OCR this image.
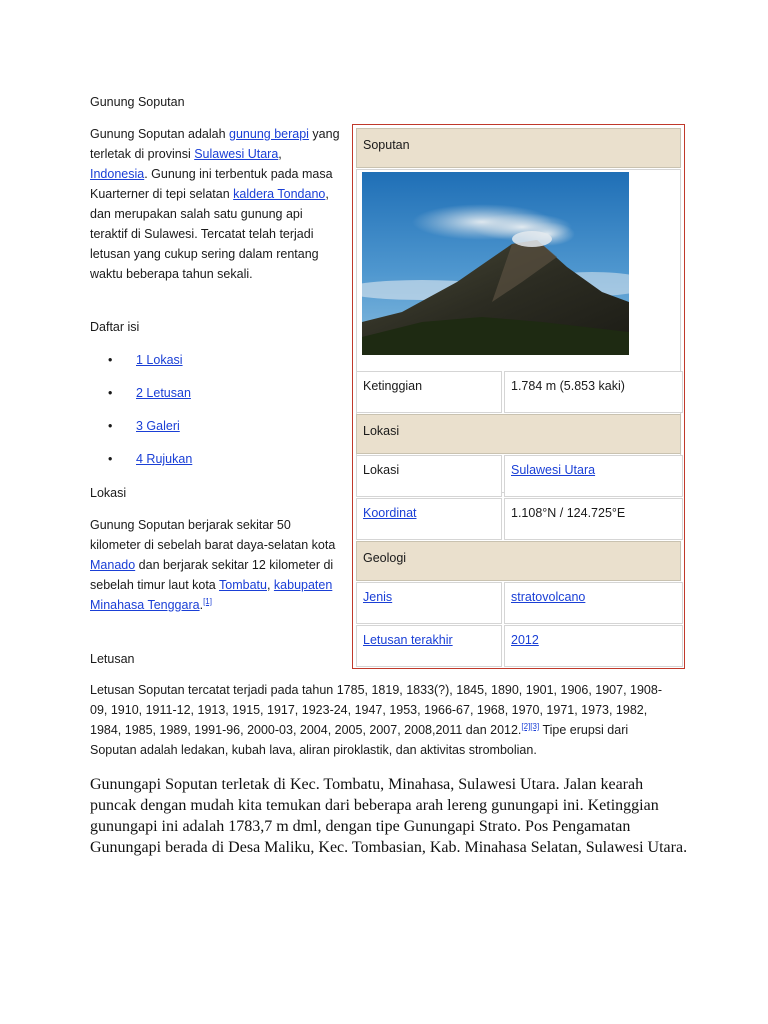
Gunung Soputan
Gunung Soputan adalah gunung berapi yang terletak di provinsi Sulawesi Utara, Indonesia. Gunung ini terbentuk pada masa Kuarterner di tepi selatan kaldera Tondano, dan merupakan salah satu gunung api teraktif di Sulawesi. Tercatat telah terjadi letusan yang cukup sering dalam rentang waktu beberapa tahun sekali.
Daftar isi
• 1 Lokasi
• 2 Letusan
• 3 Galeri
• 4 Rujukan
Lokasi
Gunung Soputan berjarak sekitar 50 kilometer di sebelah barat daya-selatan kota Manado dan berjarak sekitar 12 kilometer di sebelah timur laut kota Tombatu, kabupaten Minahasa Tenggara.[1]
Letusan
Letusan Soputan tercatat terjadi pada tahun 1785, 1819, 1833(?), 1845, 1890, 1901, 1906, 1907, 1908-09, 1910, 1911-12, 1913, 1915, 1917, 1923-24, 1947, 1953, 1966-67, 1968, 1970, 1971, 1973, 1982, 1984, 1985, 1989, 1991-96, 2000-03, 2004, 2005, 2007, 2008,2011 dan 2012.[2][3] Tipe erupsi dari Soputan adalah ledakan, kubah lava, aliran piroklastik, dan aktivitas strombolian.
Gunungapi Soputan terletak di Kec. Tombatu, Minahasa, Sulawesi Utara. Jalan kearah puncak dengan mudah kita temukan dari beberapa arah lereng gunungapi ini. Ketinggian gunungapi ini adalah 1783,7 m dml, dengan tipe Gunungapi Strato. Pos Pengamatan Gunungapi berada di Desa Maliku, Kec. Tombasian, Kab. Minahasa Selatan, Sulawesi Utara.
Soputan
Ketinggian	1.784 m (5.853 kaki)
Lokasi
Lokasi	Sulawesi Utara
Koordinat	1.108°N / 124.725°E
Geologi
Jenis	stratovolcano
Letusan terakhir	2012
